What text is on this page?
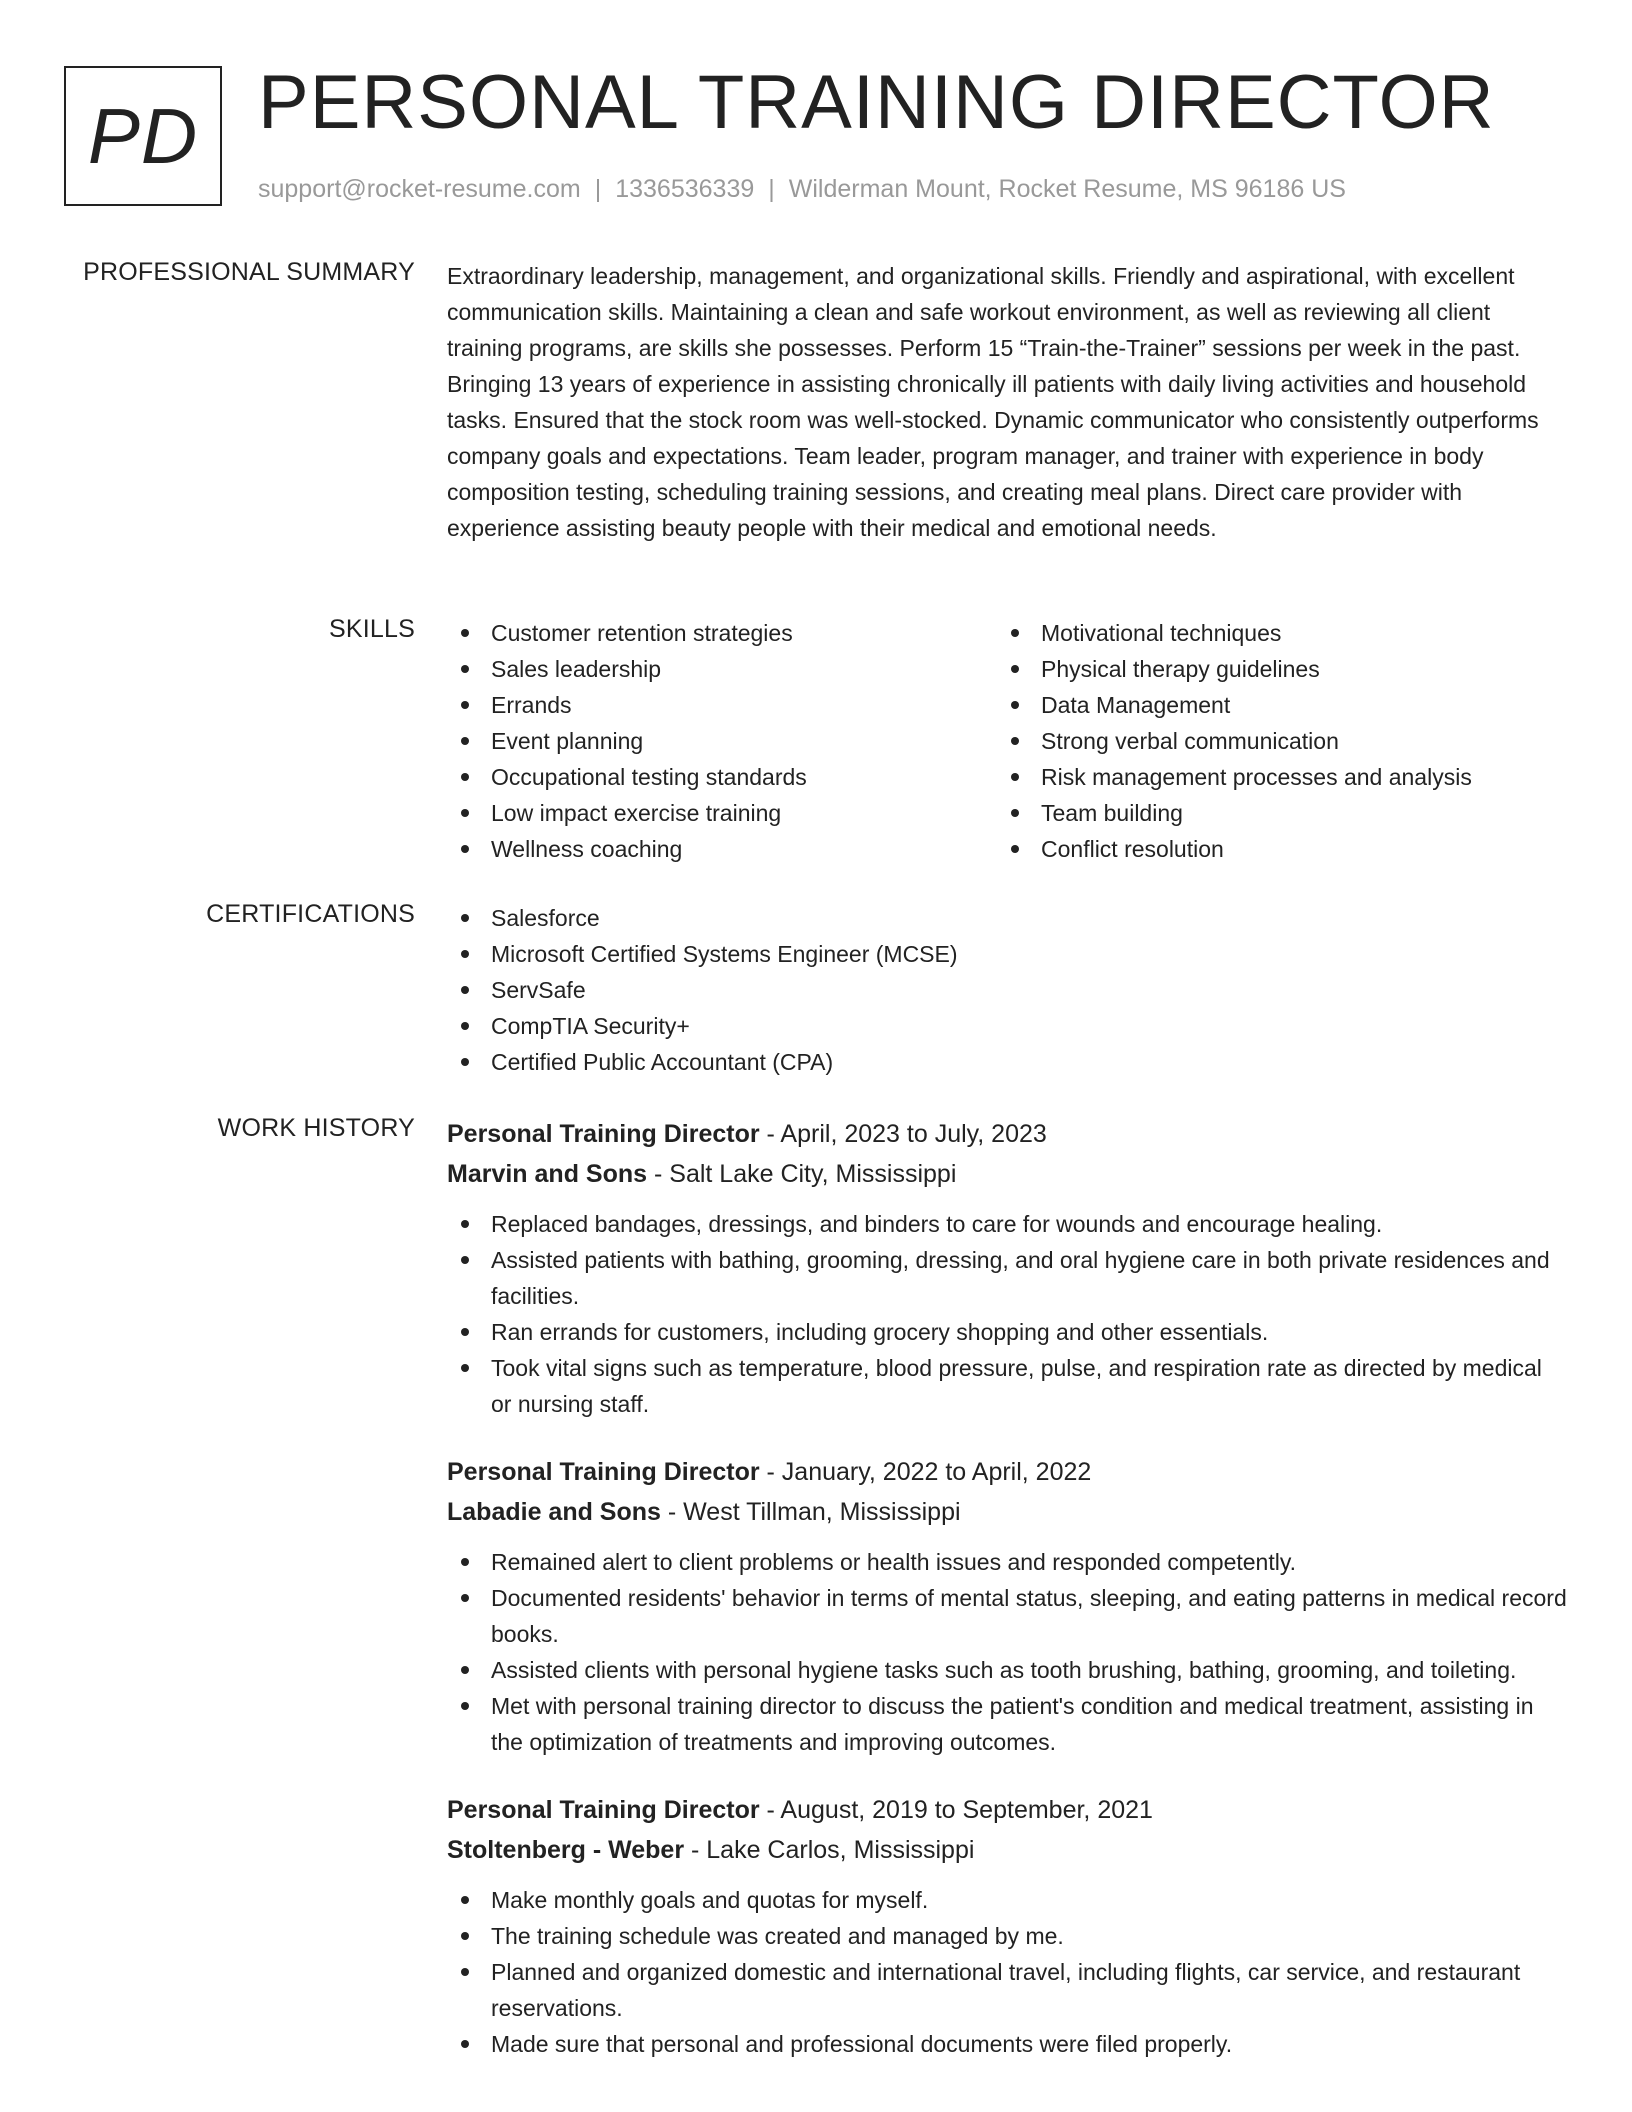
PD PERSONAL TRAINING DIRECTOR
support@rocket-resume.com | 1336536339 | Wilderman Mount, Rocket Resume, MS 96186 US
PROFESSIONAL SUMMARY Extraordinary leadership, management, and organizational skills. Friendly and aspirational, with excellent communication skills. Maintaining a clean and safe workout environment, as well as reviewing all client training programs, are skills she possesses. Perform 15 “Train-the-Trainer” sessions per week in the past. Bringing 13 years of experience in assisting chronically ill patients with daily living activities and household tasks. Ensured that the stock room was well-stocked. Dynamic communicator who consistently outperforms company goals and expectations. Team leader, program manager, and trainer with experience in body composition testing, scheduling training sessions, and creating meal plans. Direct care provider with experience assisting beauty people with their medical and emotional needs.

SKILLS	Customer retention strategies
Sales leadership
Errands
Event planning
Occupational testing standards
Low impact exercise training
Wellness coaching
Motivational techniques
Physical therapy guidelines
Data Management
Strong verbal communication
Risk management processes and analysis
Team building
Conflict resolution
CERTIFICATIONS	Salesforce
Microsoft Certified Systems Engineer (MCSE)
ServSafe
CompTIA Security+
Certified Public Accountant (CPA)
WORK HISTORY Personal Training Director - April, 2023 to July, 2023
Marvin and Sons - Salt Lake City, Mississippi
Replaced bandages, dressings, and binders to care for wounds and encourage healing.
Assisted patients with bathing, grooming, dressing, and oral hygiene care in both private residences and facilities.
Ran errands for customers, including grocery shopping and other essentials.
Took vital signs such as temperature, blood pressure, pulse, and respiration rate as directed by medical or nursing staff.
Personal Training Director - January, 2022 to April, 2022
Labadie and Sons - West Tillman, Mississippi
Remained alert to client problems or health issues and responded competently.
Documented residents' behavior in terms of mental status, sleeping, and eating patterns in medical record books.
Assisted clients with personal hygiene tasks such as tooth brushing, bathing, grooming, and toileting.
Met with personal training director to discuss the patient's condition and medical treatment, assisting in the optimization of treatments and improving outcomes.
Personal Training Director - August, 2019 to September, 2021
Stoltenberg - Weber - Lake Carlos, Mississippi
Make monthly goals and quotas for myself.
The training schedule was created and managed by me.
Planned and organized domestic and international travel, including flights, car service, and restaurant reservations.
Made sure that personal and professional documents were filed properly.
